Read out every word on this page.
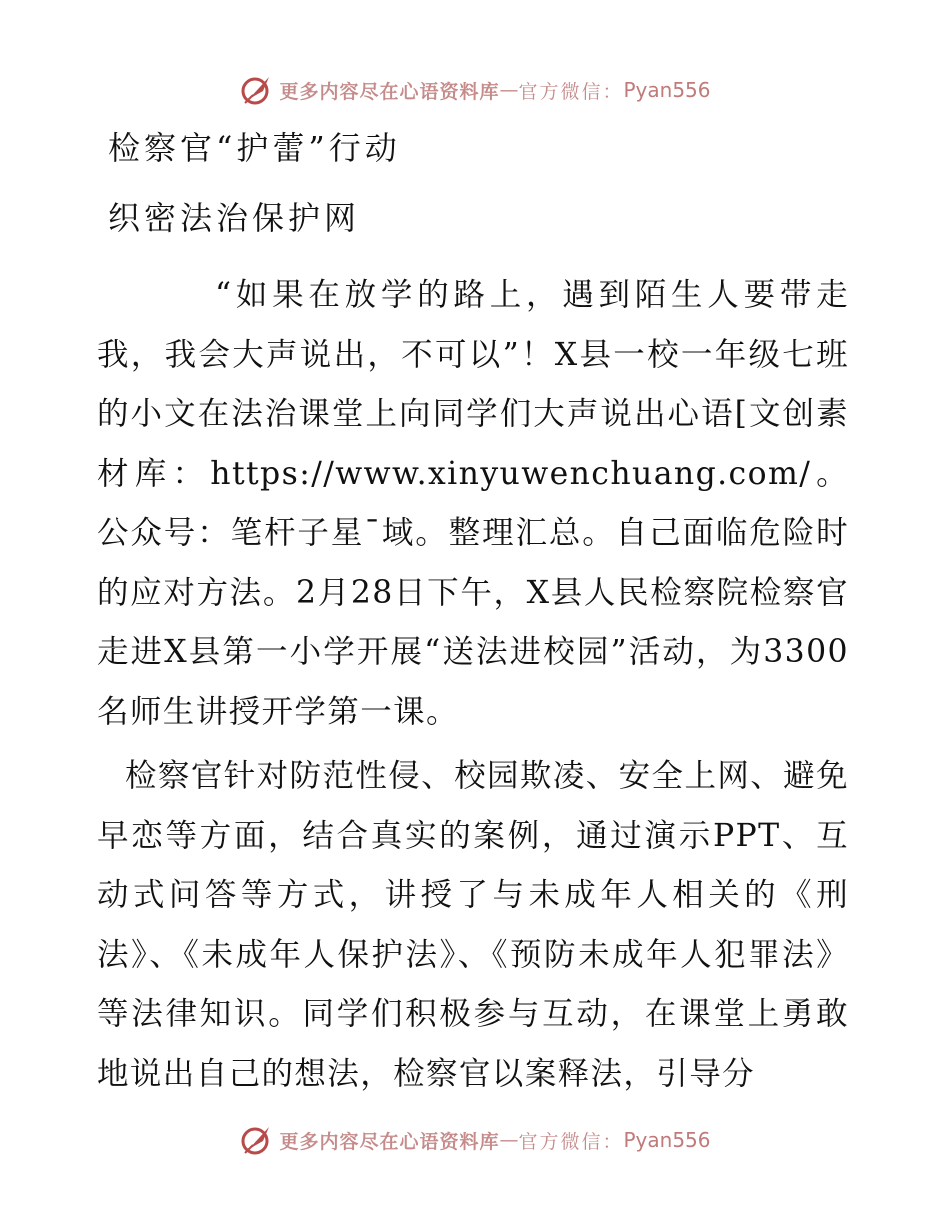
更多内容尽在心语资料库 — 官方微信： Pyan556
检察官“护蕾”行动
织密法治保护网

“如果在放学的路上，遇到陌生人要带走我，我会大声说出，不可以”！X县一校一年级七班的小文在法治课堂上向同学们大声说出心语[文创素材库：https://www.xinyuwenchuang.com/。公众号：笔杆子星¯域。整理汇总。自己面临危险时的应对方法。2月28日下午，X县人民检察院检察官走进X县第一小学开展“送法进校园”活动，为3300名师生讲授开学第一课。

检察官针对防范性侵、校园欺凌、安全上网、避免早恋等方面，结合真实的案例，通过演示PPT、互动式问答等方式，讲授了与未成年人相关的《刑法》、《未成年人保护法》、《预防未成年人犯罪法》等法律知识。同学们积极参与互动，在课堂上勇敢地说出自己的想法，检察官以案释法，引导分

更多内容尽在心语资料库 — 官方微信： Pyan556
